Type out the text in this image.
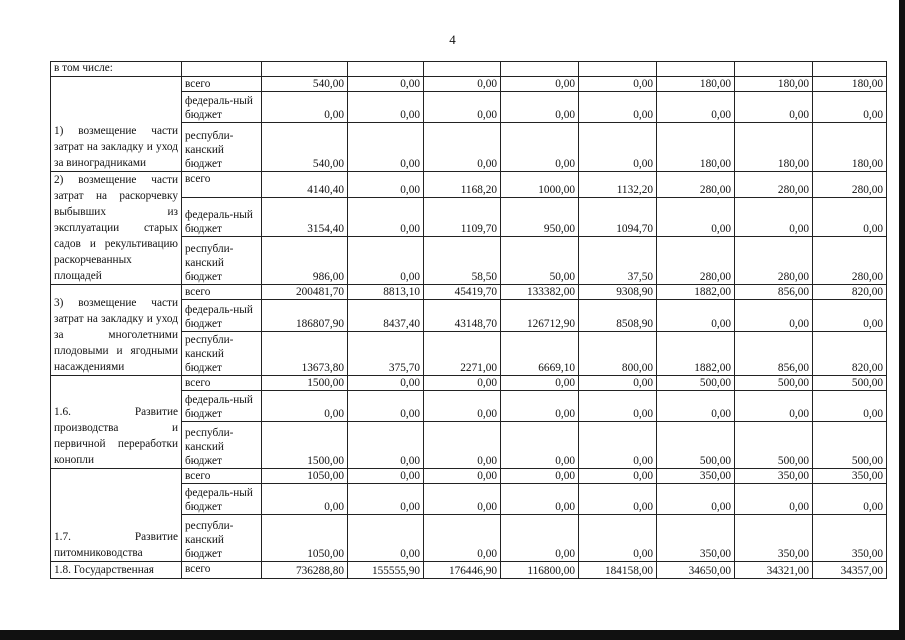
4
в том числе:									
1) возмещение части затрат на закладку и уход за виноградниками	всего	540,00	0,00	0,00	0,00	0,00	180,00	180,00	180,00
	федераль-ный бюджет	0,00	0,00	0,00	0,00	0,00	0,00	0,00	0,00
	республи-канский бюджет	540,00	0,00	0,00	0,00	0,00	180,00	180,00	180,00
2) возмещение части затрат на раскорчевку выбывших из эксплуатации старых садов и рекультивацию раскорчеванных площадей	всего	4140,40	0,00	1168,20	1000,00	1132,20	280,00	280,00	280,00
	федераль-ный бюджет	3154,40	0,00	1109,70	950,00	1094,70	0,00	0,00	0,00
	республи-канский бюджет	986,00	0,00	58,50	50,00	37,50	280,00	280,00	280,00
3) возмещение части затрат на закладку и уход за многолетними плодовыми и ягодными насаждениями	всего	200481,70	8813,10	45419,70	133382,00	9308,90	1882,00	856,00	820,00
	федераль-ный бюджет	186807,90	8437,40	43148,70	126712,90	8508,90	0,00	0,00	0,00
	республи-канский бюджет	13673,80	375,70	2271,00	6669,10	800,00	1882,00	856,00	820,00
1.6. Развитие производства и первичной переработки конопли	всего	1500,00	0,00	0,00	0,00	0,00	500,00	500,00	500,00
	федераль-ный бюджет	0,00	0,00	0,00	0,00	0,00	0,00	0,00	0,00
	республи-канский бюджет	1500,00	0,00	0,00	0,00	0,00	500,00	500,00	500,00
1.7. Развитие питомниководства	всего	1050,00	0,00	0,00	0,00	0,00	350,00	350,00	350,00
	федераль-ный бюджет	0,00	0,00	0,00	0,00	0,00	0,00	0,00	0,00
	республи-канский бюджет	1050,00	0,00	0,00	0,00	0,00	350,00	350,00	350,00
1.8. Государственная	всего	736288,80	155555,90	176446,90	116800,00	184158,00	34650,00	34321,00	34357,00
